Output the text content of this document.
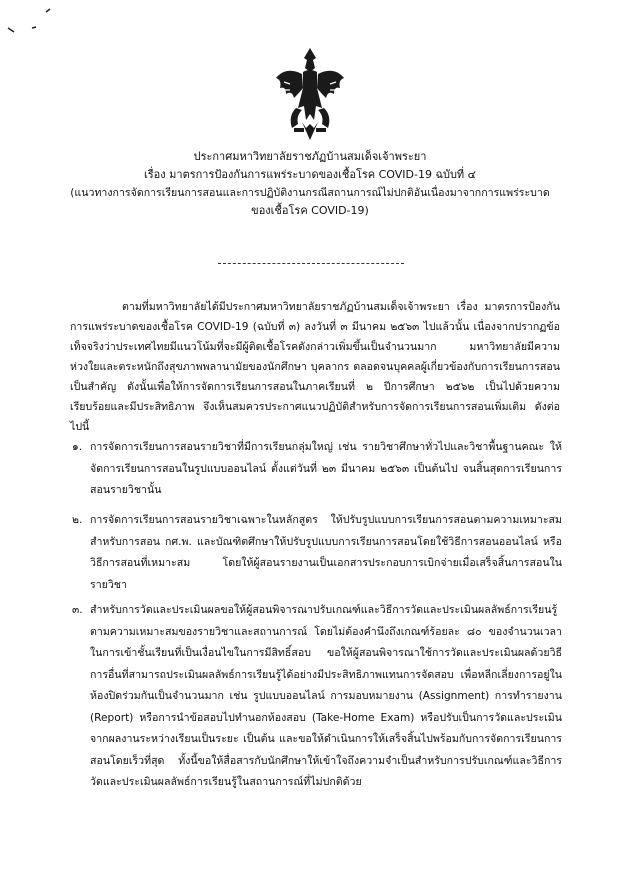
ประกาศมหาวิทยาลัยราชภัฏบ้านสมเด็จเจ้าพระยา

เรื่อง มาตรการป้องกันการแพร่ระบาดของเชื้อโรค COVID-19 ฉบับที่ ๔

(แนวทางการจัดการเรียนการสอนและการปฏิบัติงานกรณีสถานการณ์ไม่ปกติอันเนื่องมาจากการแพร่ระบาด

ของเชื้อโรค COVID-19)

ตามที่มหาวิทยาลัยได้มีประกาศมหาวิทยาลัยราชภัฏบ้านสมเด็จเจ้าพระยา เรื่อง มาตรการป้องกันการแพร่ระบาดของเชื้อโรค COVID-19 (ฉบับที่ ๓) ลงวันที่ ๓ มีนาคม ๒๕๖๓ ไปแล้วนั้น เนื่องจากปรากฏข้อเท็จจริงว่าประเทศไทยมีแนวโน้มที่จะมีผู้ติดเชื้อโรคดังกล่าวเพิ่มขึ้นเป็นจำนวนมาก มหาวิทยาลัยมีความห่วงใยและตระหนักถึงสุขภาพพลานามัยของนักศึกษา บุคลากร ตลอดจนบุคคลผู้เกี่ยวข้องกับการเรียนการสอนเป็นสำคัญ ดังนั้นเพื่อให้การจัดการเรียนการสอนในภาคเรียนที่ ๒ ปีการศึกษา ๒๕๖๒ เป็นไปด้วยความเรียบร้อยและมีประสิทธิภาพ จึงเห็นสมควรประกาศแนวปฏิบัติสำหรับการจัดการเรียนการสอนเพิ่มเติม ดังต่อไปนี้

๑. การจัดการเรียนการสอนรายวิชาที่มีการเรียนกลุ่มใหญ่ เช่น รายวิชาศึกษาทั่วไปและวิชาพื้นฐานคณะ ให้จัดการเรียนการสอนในรูปแบบออนไลน์ ตั้งแต่วันที่ ๒๓ มีนาคม ๒๕๖๓ เป็นต้นไป จนสิ้นสุดการเรียนการสอนรายวิชานั้น
๒. การจัดการเรียนการสอนรายวิชาเฉพาะในหลักสูตร ให้ปรับรูปแบบการเรียนการสอนตามความเหมาะสม สำหรับการสอน กศ.พ. และบัณฑิตศึกษาให้ปรับรูปแบบการเรียนการสอนโดยใช้วิธีการสอนออนไลน์ หรือวิธีการสอนที่เหมาะสม โดยให้ผู้สอนรายงานเป็นเอกสารประกอบการเบิกจ่ายเมื่อเสร็จสิ้นการสอนในรายวิชา
๓. สำหรับการวัดและประเมินผลขอให้ผู้สอนพิจารณาปรับเกณฑ์และวิธีการวัดและประเมินผลลัพธ์การเรียนรู้ตามความเหมาะสมของรายวิชาและสถานการณ์ โดยไม่ต้องคำนึงถึงเกณฑ์ร้อยละ ๘๐ ของจำนวนเวลาในการเข้าชั้นเรียนที่เป็นเงื่อนไขในการมีสิทธิ์สอบ ขอให้ผู้สอนพิจารณาใช้การวัดและประเมินผลด้วยวิธีการอื่นที่สามารถประเมินผลลัพธ์การเรียนรู้ได้อย่างมีประสิทธิภาพแทนการจัดสอบ เพื่อหลีกเลี่ยงการอยู่ในห้องปิดร่วมกันเป็นจำนวนมาก เช่น รูปแบบออนไลน์ การมอบหมายงาน (Assignment) การทำรายงาน (Report) หรือการนำข้อสอบไปทำนอกห้องสอบ (Take-Home Exam) หรือปรับเป็นการวัดและประเมินจากผลงานระหว่างเรียนเป็นระยะ เป็นต้น และขอให้ดำเนินการให้เสร็จสิ้นไปพร้อมกับการจัดการเรียนการสอนโดยเร็วที่สุด ทั้งนี้ขอให้สื่อสารกับนักศึกษาให้เข้าใจถึงความจำเป็นสำหรับการปรับเกณฑ์และวิธีการวัดและประเมินผลลัพธ์การเรียนรู้ในสถานการณ์ที่ไม่ปกติด้วย
